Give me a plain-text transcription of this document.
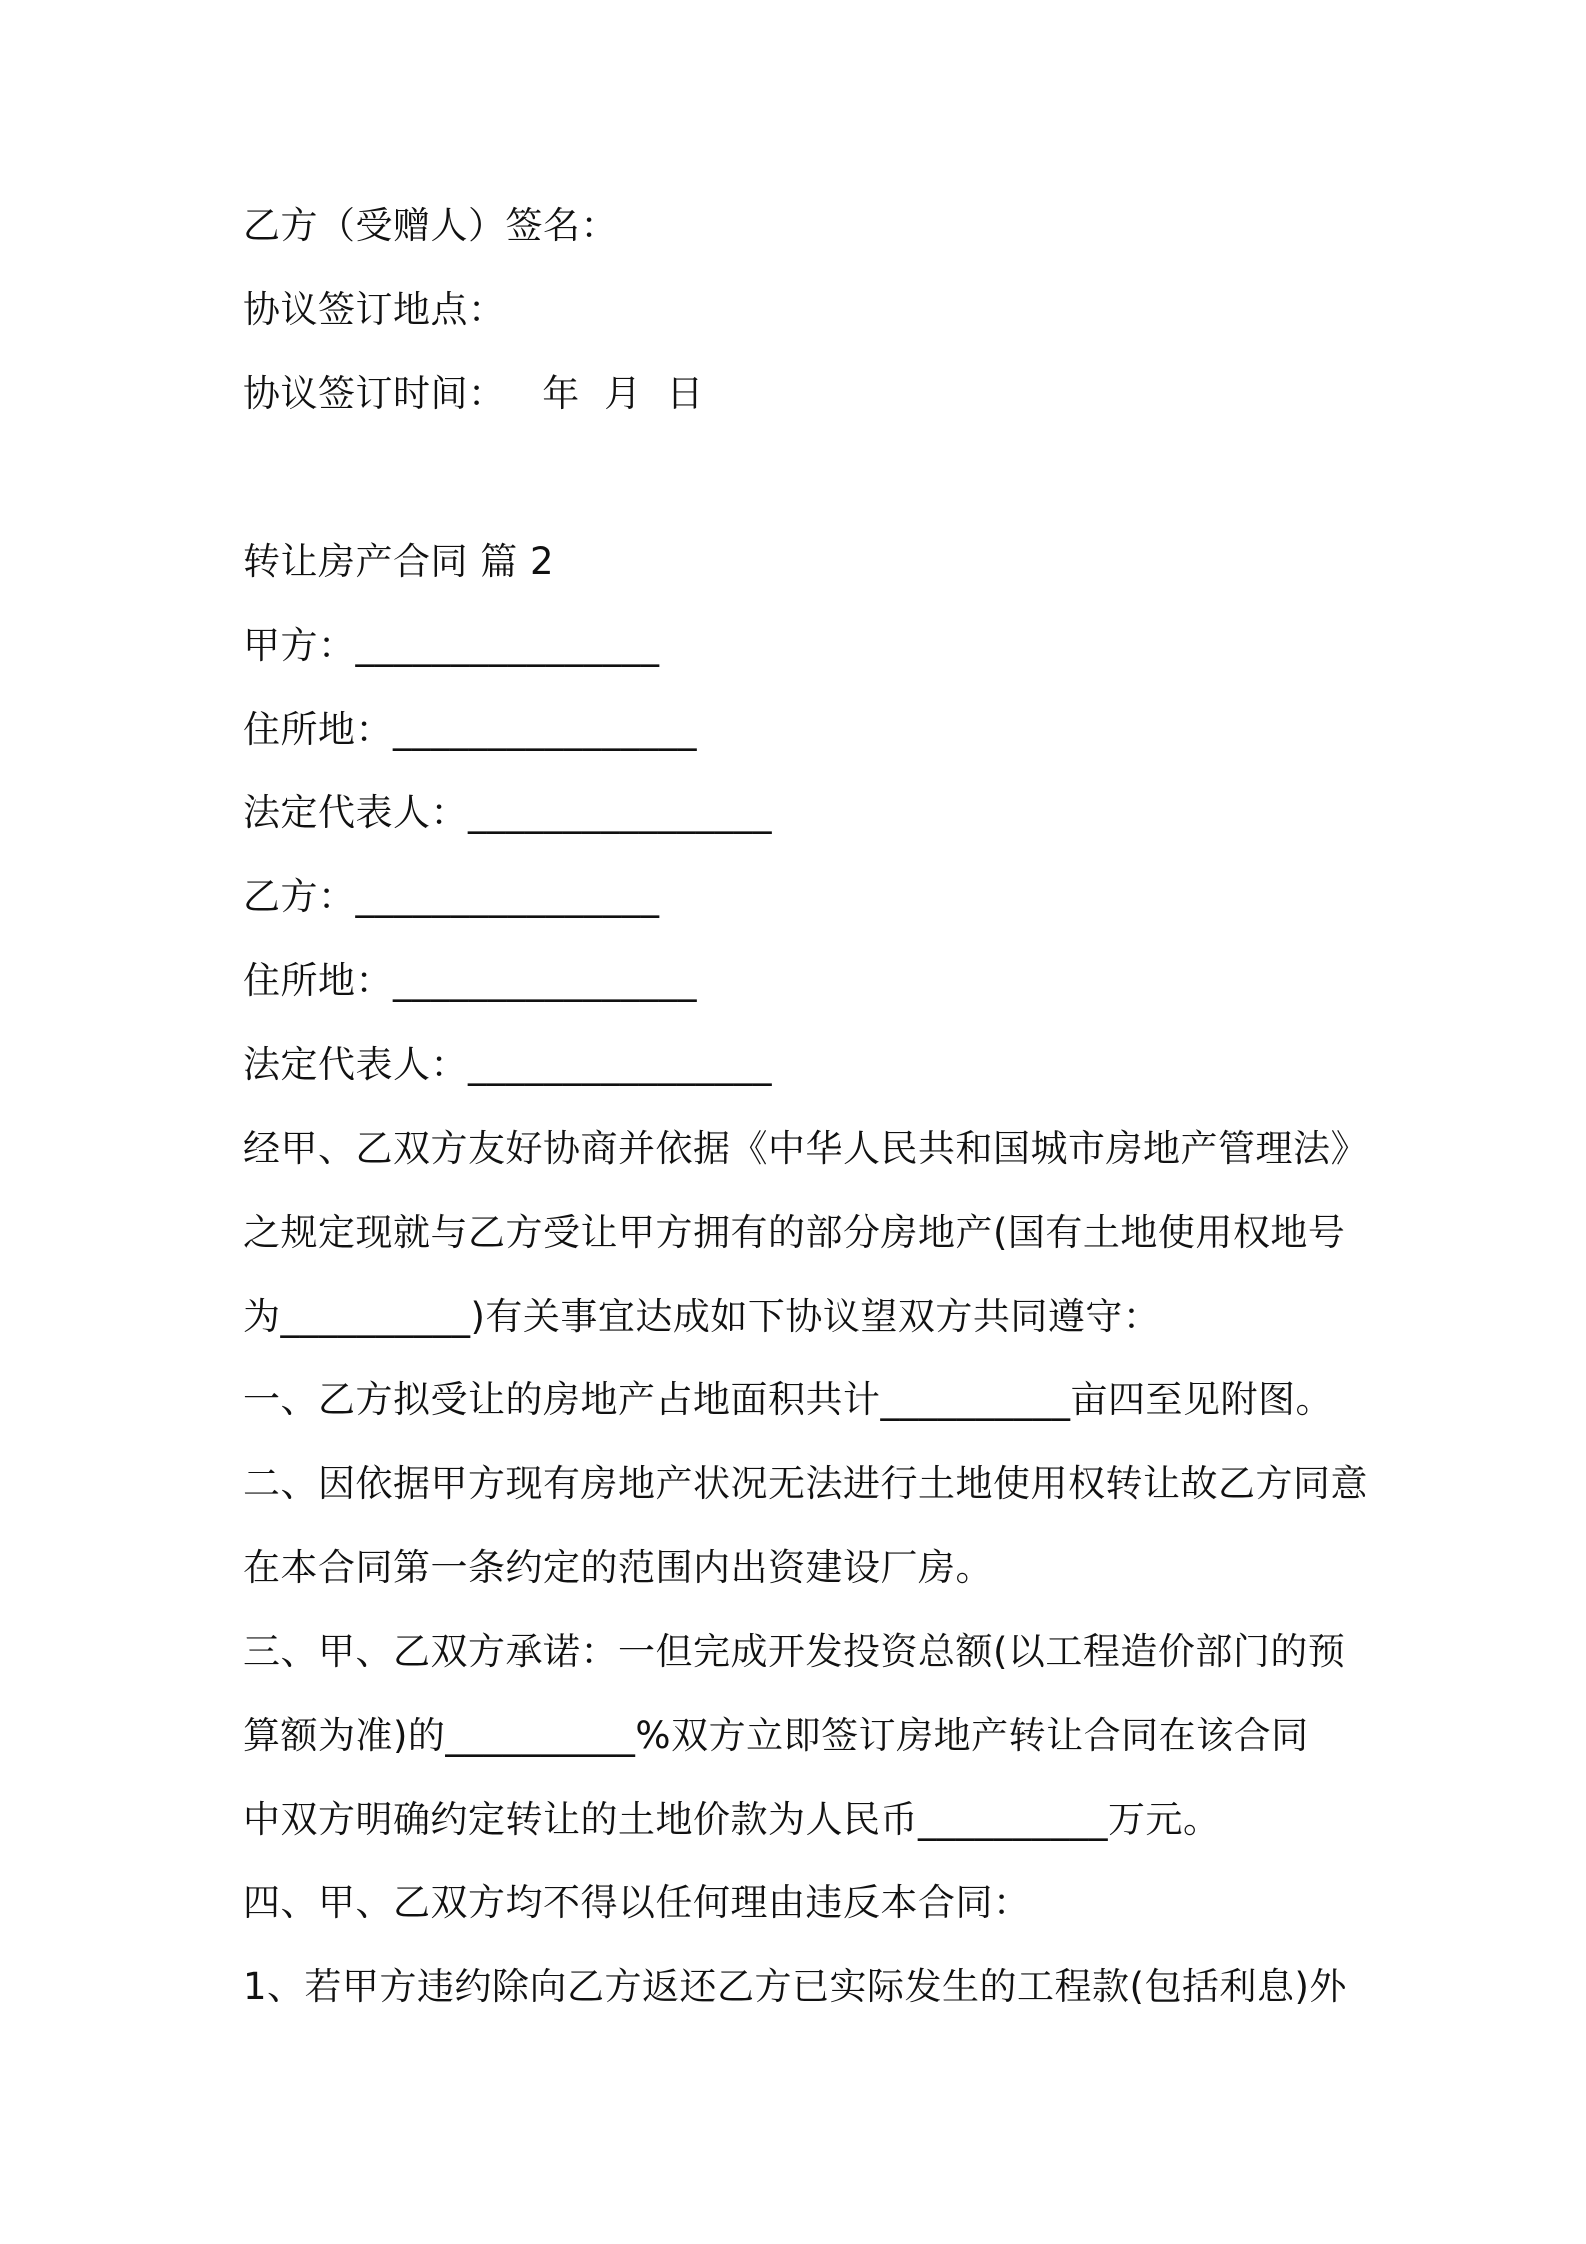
乙方（受赠人）签名：
协议签订地点：
协议签订时间：   年  月  日
转让房产合同 篇 2
甲方：________________
住所地：________________
法定代表人：________________
乙方：________________
住所地：________________
法定代表人：________________
经甲、乙双方友好协商并依据《中华人民共和国城市房地产管理法》
之规定现就与乙方受让甲方拥有的部分房地产(国有土地使用权地号
为__________)有关事宜达成如下协议望双方共同遵守：
一、乙方拟受让的房地产占地面积共计__________亩四至见附图。
二、因依据甲方现有房地产状况无法进行土地使用权转让故乙方同意
在本合同第一条约定的范围内出资建设厂房。
三、甲、乙双方承诺：一但完成开发投资总额(以工程造价部门的预
算额为准)的__________%双方立即签订房地产转让合同在该合同
中双方明确约定转让的土地价款为人民币__________万元。
四、甲、乙双方均不得以任何理由违反本合同：
1、若甲方违约除向乙方返还乙方已实际发生的工程款(包括利息)外
